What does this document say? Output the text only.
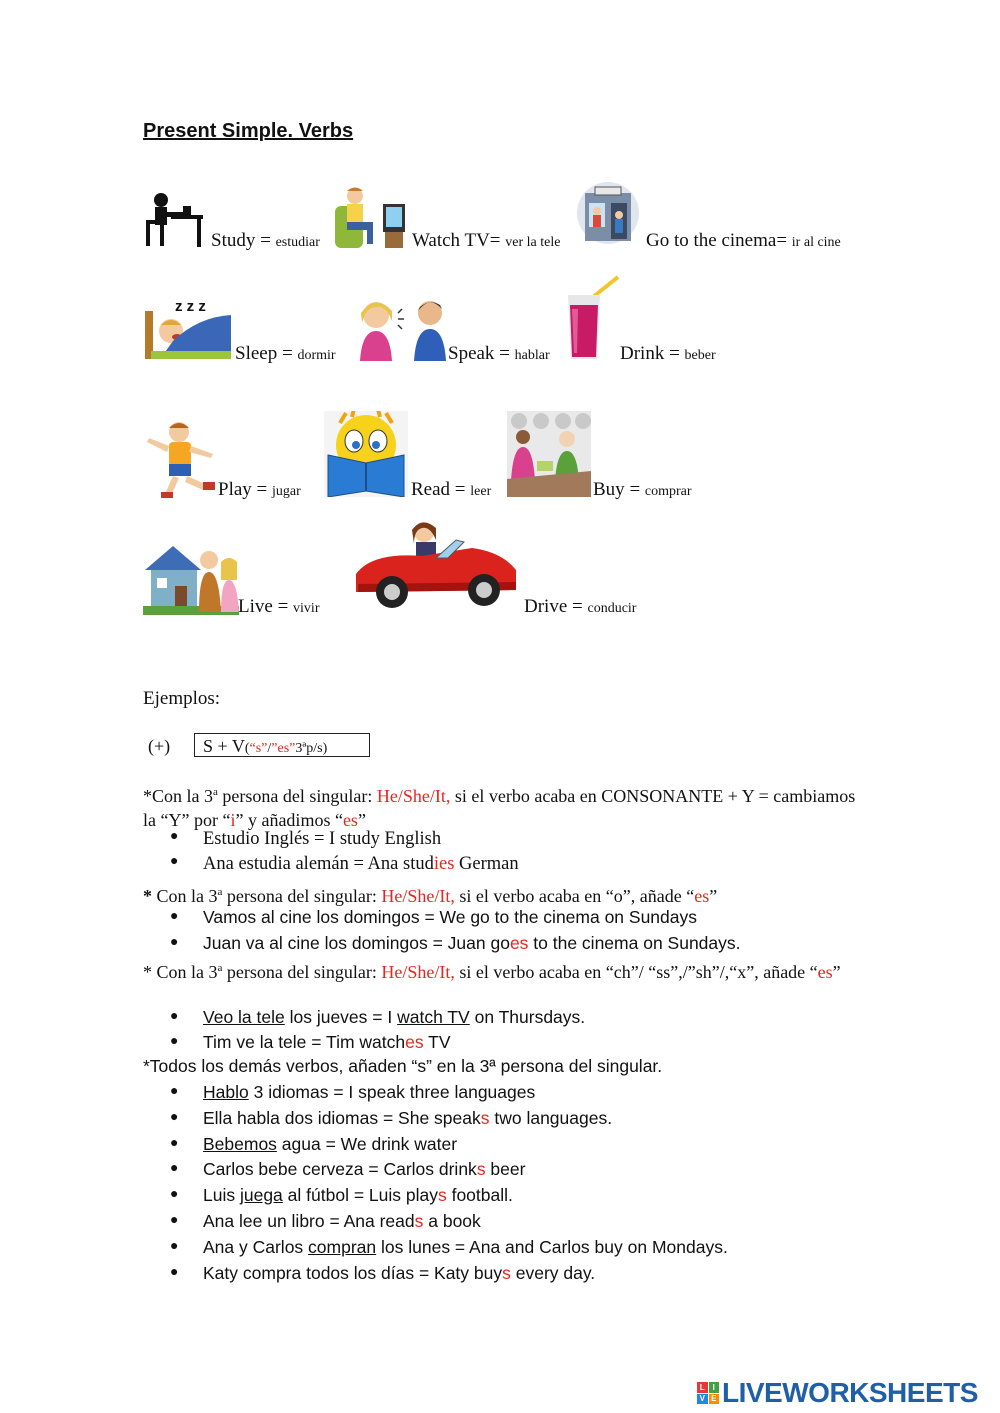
Present Simple. Verbs
Study = estudiar	Watch TV= ver la tele	Go to the cinema= ir al cine
z z z
Sleep = dormir	Speak = hablar	Drink = beber
Play = jugar	Read = leer	Buy = comprar
Live = vivir	Drive = conducir
Ejemplos:
(+)	S + V(“s”/”es”3ªp/s)
*Con la 3$^a$ persona del singular: He/She/It, si el verbo acaba en CONSONANTE + Y = cambiamos la “Y” por “i” y añadimos “es”
● Estudio Inglés = I study English
● Ana estudia alemán = Ana studies German
* Con la 3$^a$ persona del singular: He/She/It, si el verbo acaba en “o”, añade “es”
● Vamos al cine los domingos = We go to the cinema on Sundays
● Juan va al cine los domingos = Juan goes to the cinema on Sundays.
* Con la 3$^a$ persona del singular: He/She/It, si el verbo acaba en “ch”/ “ss”,/”sh”/,“x”, añade “es”
● Veo la tele los jueves = I watch TV on Thursdays.
● Tim ve la tele = Tim watches TV
*Todos los demás verbos, añaden “s” en la 3ª persona del singular.
● Hablo 3 idiomas = I speak three languages
● Ella habla dos idiomas = She speaks two languages.
● Bebemos agua = We drink water
● Carlos bebe cerveza = Carlos drinks beer
● Luis juega al fútbol = Luis plays football.
● Ana lee un libro = Ana reads a book
● Ana y Carlos compran los lunes = Ana and Carlos buy on Mondays.
● Katy compra todos los días = Katy buys every day.
L I
V E LIVEWORKSHEETS
